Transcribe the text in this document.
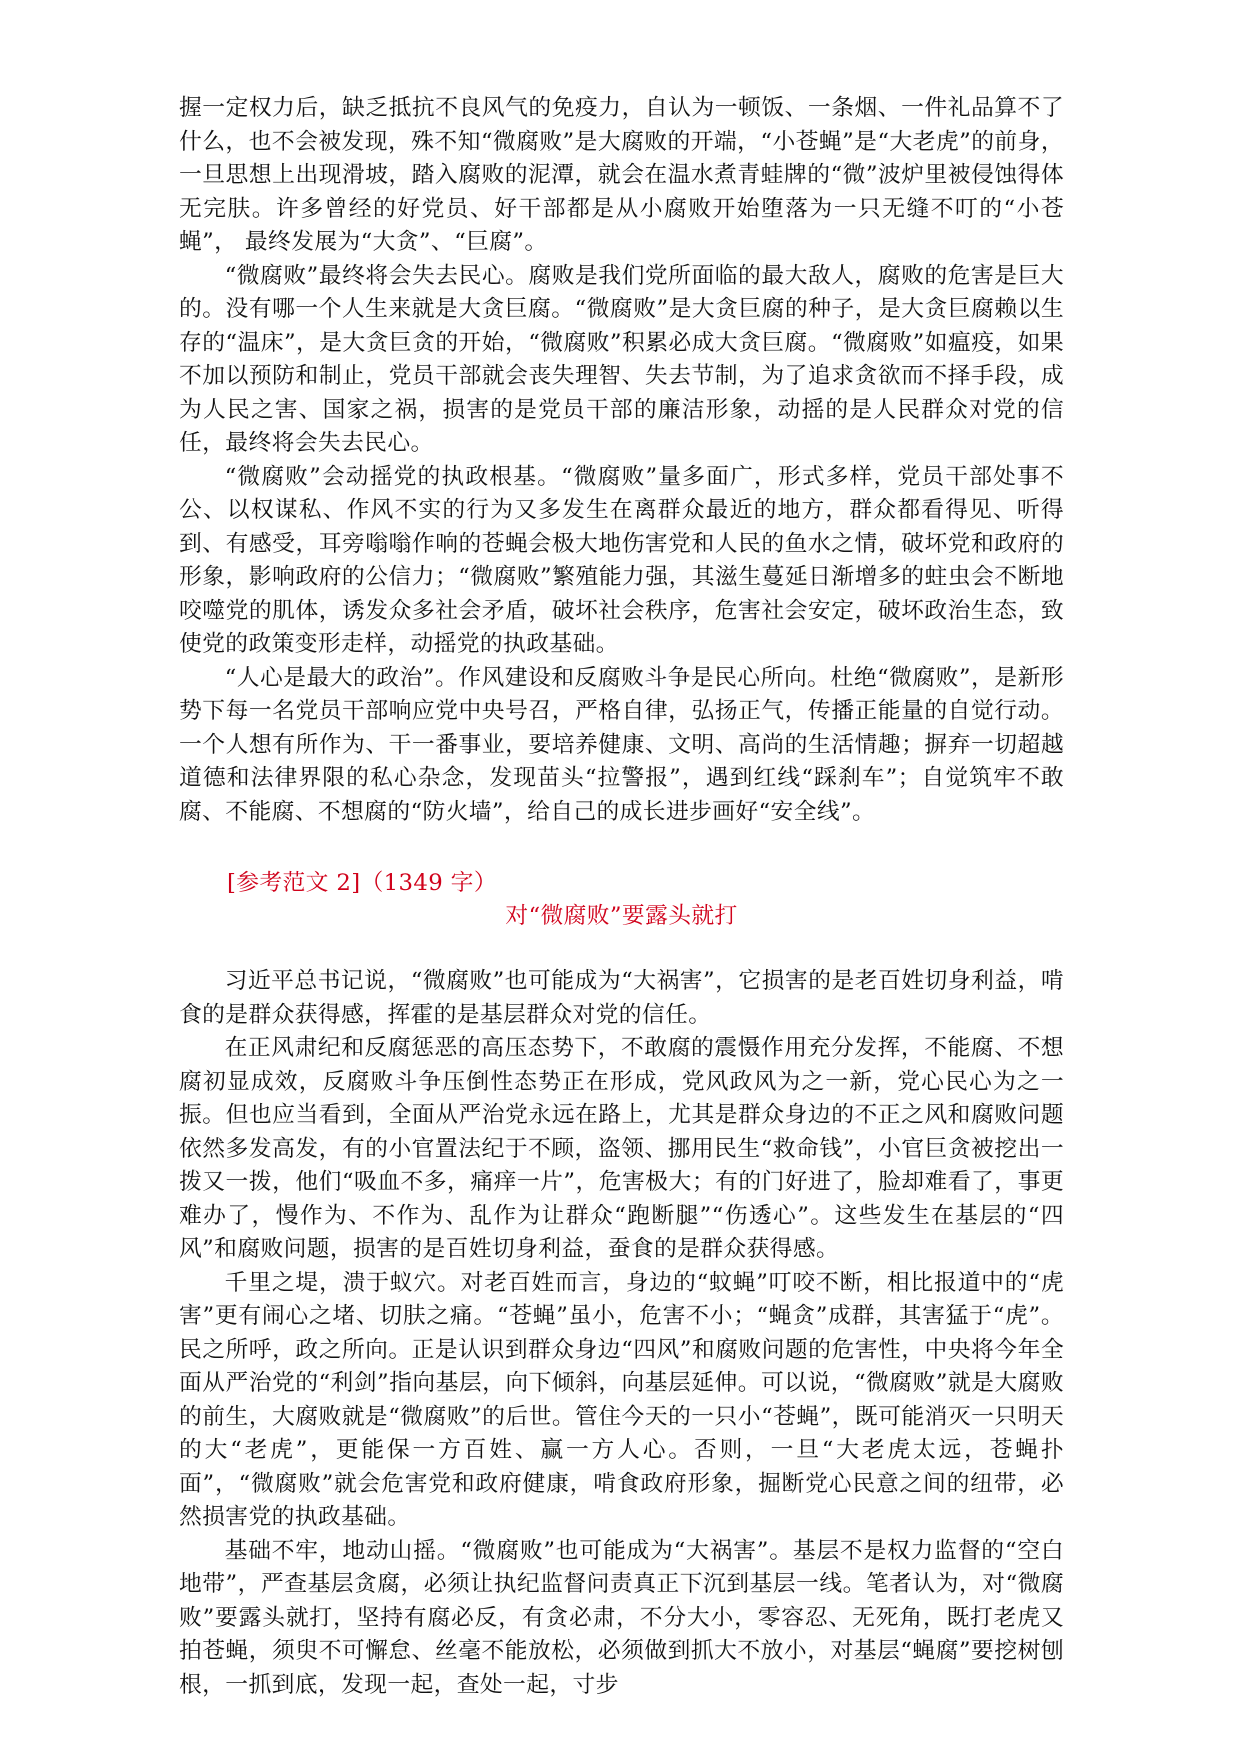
握一定权力后，缺乏抵抗不良风气的免疫力，自认为一顿饭、一条烟、一件礼品算不了什么，也不会被发现，殊不知“微腐败”是大腐败的开端，“小苍蝇”是“大老虎”的前身，一旦思想上出现滑坡，踏入腐败的泥潭，就会在温水煮青蛙牌的“微”波炉里被侵蚀得体无完肤。许多曾经的好党员、好干部都是从小腐败开始堕落为一只无缝不叮的“小苍蝇”， 最终发展为“大贪”、“巨腐”。

“微腐败”最终将会失去民心。腐败是我们党所面临的最大敌人，腐败的危害是巨大的。没有哪一个人生来就是大贪巨腐。“微腐败”是大贪巨腐的种子，是大贪巨腐赖以生存的“温床”，是大贪巨贪的开始，“微腐败”积累必成大贪巨腐。“微腐败”如瘟疫，如果不加以预防和制止，党员干部就会丧失理智、失去节制，为了追求贪欲而不择手段，成为人民之害、国家之祸，损害的是党员干部的廉洁形象，动摇的是人民群众对党的信任，最终将会失去民心。

“微腐败”会动摇党的执政根基。“微腐败”量多面广，形式多样，党员干部处事不公、以权谋私、作风不实的行为又多发生在离群众最近的地方，群众都看得见、听得到、有感受，耳旁嗡嗡作响的苍蝇会极大地伤害党和人民的鱼水之情，破坏党和政府的形象，影响政府的公信力；“微腐败”繁殖能力强，其滋生蔓延日渐增多的蛀虫会不断地咬噬党的肌体，诱发众多社会矛盾，破坏社会秩序，危害社会安定，破坏政治生态，致使党的政策变形走样，动摇党的执政基础。

“人心是最大的政治”。作风建设和反腐败斗争是民心所向。杜绝“微腐败”，是新形势下每一名党员干部响应党中央号召，严格自律，弘扬正气，传播正能量的自觉行动。一个人想有所作为、干一番事业，要培养健康、文明、高尚的生活情趣；摒弃一切超越道德和法律界限的私心杂念，发现苗头“拉警报”，遇到红线“踩刹车”；自觉筑牢不敢腐、不能腐、不想腐的“防火墙”，给自己的成长进步画好“安全线”。

[参考范文 2]（1349 字）

对“微腐败”要露头就打

习近平总书记说，“微腐败”也可能成为“大祸害”，它损害的是老百姓切身利益，啃食的是群众获得感，挥霍的是基层群众对党的信任。

在正风肃纪和反腐惩恶的高压态势下，不敢腐的震慑作用充分发挥，不能腐、不想腐初显成效，反腐败斗争压倒性态势正在形成，党风政风为之一新，党心民心为之一振。但也应当看到，全面从严治党永远在路上，尤其是群众身边的不正之风和腐败问题依然多发高发，有的小官置法纪于不顾，盗领、挪用民生“救命钱”，小官巨贪被挖出一拨又一拨，他们“吸血不多，痛痒一片”，危害极大；有的门好进了，脸却难看了，事更难办了，慢作为、不作为、乱作为让群众“跑断腿”“伤透心”。这些发生在基层的“四风”和腐败问题，损害的是百姓切身利益，蚕食的是群众获得感。

千里之堤，溃于蚁穴。对老百姓而言，身边的“蚊蝇”叮咬不断，相比报道中的“虎害”更有闹心之堵、切肤之痛。“苍蝇”虽小，危害不小；“蝇贪”成群，其害猛于“虎”。民之所呼，政之所向。正是认识到群众身边“四风”和腐败问题的危害性，中央将今年全面从严治党的“利剑”指向基层，向下倾斜，向基层延伸。可以说，“微腐败”就是大腐败的前生，大腐败就是“微腐败”的后世。管住今天的一只小“苍蝇”，既可能消灭一只明天的大“老虎”，更能保一方百姓、赢一方人心。否则，一旦“大老虎太远，苍蝇扑面”，“微腐败”就会危害党和政府健康，啃食政府形象，掘断党心民意之间的纽带，必然损害党的执政基础。

基础不牢，地动山摇。“微腐败”也可能成为“大祸害”。基层不是权力监督的“空白地带”，严查基层贪腐，必须让执纪监督问责真正下沉到基层一线。笔者认为，对“微腐败”要露头就打，坚持有腐必反，有贪必肃，不分大小，零容忍、无死角，既打老虎又拍苍蝇，须臾不可懈怠、丝毫不能放松，必须做到抓大不放小，对基层“蝇腐”要挖树刨根，一抓到底，发现一起，查处一起，寸步
